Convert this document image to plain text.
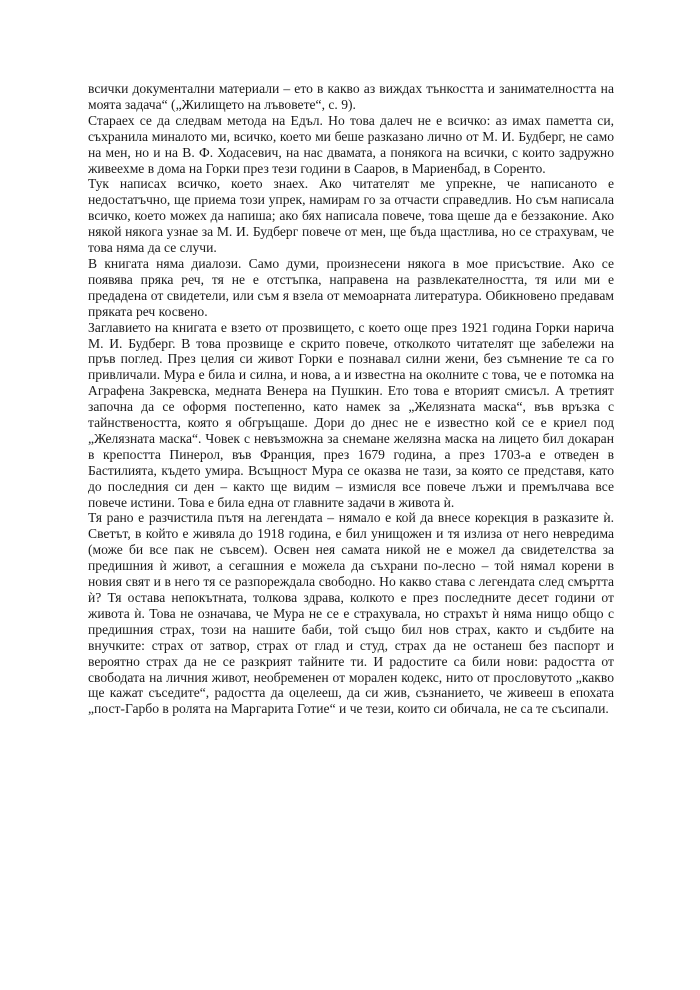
всички документални материали – ето в какво аз виждах тънкостта и занимателността на моята задача“ („Жилището на лъвовете“, с. 9).

Стараех се да следвам метода на Едъл. Но това далеч не е всичко: аз имах паметта си, съхранила миналото ми, всичко, което ми беше разказано лично от М. И. Будберг, не само на мен, но и на В. Ф. Ходасевич, на нас двамата, а понякога на всички, с които задружно живеехме в дома на Горки през тези години в Сааров, в Мариенбад, в Соренто.

Тук написах всичко, което знаех. Ако читателят ме упрекне, че написаното е недостатъчно, ще приема този упрек, намирам го за отчасти справедлив. Но съм написала всичко, което можех да напиша; ако бях написала повече, това щеше да е беззаконие. Ако някой някога узнае за М. И. Будберг повече от мен, ще бъда щастлива, но се страхувам, че това няма да се случи.

В книгата няма диалози. Само думи, произнесени някога в мое присъствие. Ако се появява пряка реч, тя не е отстъпка, направена на развлекателността, тя или ми е предадена от свидетели, или съм я взела от мемоарната литература. Обикновено предавам пряката реч косвено.

Заглавието на книгата е взето от прозвището, с което още през 1921 година Горки нарича М. И. Будберг. В това прозвище е скрито повече, отколкото читателят ще забележи на пръв поглед. През целия си живот Горки е познавал силни жени, без съмнение те са го привличали. Мура е била и силна, и нова, а и известна на околните с това, че е потомка на Аграфена Закревска, медната Венера на Пушкин. Ето това е вторият смисъл. А третият започна да се оформя постепенно, като намек за „Желязната маска“, във връзка с тайнствеността, която я обгръщаше. Дори до днес не е известно кой се е криел под „Желязната маска“. Човек с невъзможна за снемане желязна маска на лицето бил докаран в крепостта Пинерол, във Франция, през 1679 година, а през 1703-а е отведен в Бастилията, където умира. Всъщност Мура се оказва не тази, за която се представя, като до последния си ден – както ще видим – измисля все повече лъжи и премълчава все повече истини. Това е била една от главните задачи в живота ѝ.

Тя рано е разчистила пътя на легендата – нямало е кой да внесе корекция в разказите ѝ. Светът, в който е живяла до 1918 година, е бил унищожен и тя излиза от него невредима (може би все пак не съвсем). Освен нея самата никой не е можел да свидетелства за предишния ѝ живот, а сегашния е можела да съхрани по-лесно – той нямал корени в новия свят и в него тя се разпореждала свободно. Но какво става с легендата след смъртта ѝ? Тя остава непокътната, толкова здрава, колкото е през последните десет години от живота ѝ. Това не означава, че Мура не се е страхувала, но страхът ѝ няма нищо общо с предишния страх, този на нашите баби, той също бил нов страх, както и съдбите на внучките: страх от затвор, страх от глад и студ, страх да не останеш без паспорт и вероятно страх да не се разкрият тайните ти. И радостите са били нови: радостта от свободата на личния живот, необременен от моралeн кодекс, нито от прословутото „какво ще кажат съседите“, радостта да оцелееш, да си жив, съзнанието, че живееш в епохата „пост-Гарбо в ролята на Маргарита Готие“ и че тези, които си обичала, не са те съсипали.
